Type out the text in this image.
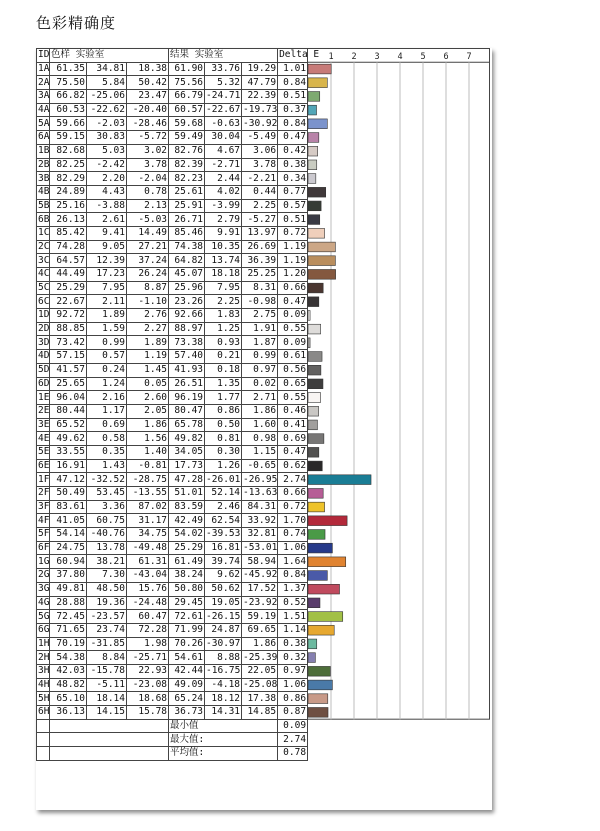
色彩精确度
ID	色样 实验室			结果 实验室			Delta E
1A	61.35	34.81	18.38	61.90	33.76	19.29	1.01
2A	75.50	5.84	50.42	75.56	5.32	47.79	0.84
3A	66.82	-25.06	23.47	66.79	-24.71	22.39	0.51
4A	60.53	-22.62	-20.40	60.57	-22.67	-19.73	0.37
5A	59.66	-2.03	-28.46	59.68	-0.63	-30.92	0.84
6A	59.15	30.83	-5.72	59.49	30.04	-5.49	0.47
1B	82.68	5.03	3.02	82.76	4.67	3.06	0.42
2B	82.25	-2.42	3.78	82.39	-2.71	3.78	0.38
3B	82.29	2.20	-2.04	82.23	2.44	-2.21	0.34
4B	24.89	4.43	0.78	25.61	4.02	0.44	0.77
5B	25.16	-3.88	2.13	25.91	-3.99	2.25	0.57
6B	26.13	2.61	-5.03	26.71	2.79	-5.27	0.51
1C	85.42	9.41	14.49	85.46	9.91	13.97	0.72
2C	74.28	9.05	27.21	74.38	10.35	26.69	1.19
3C	64.57	12.39	37.24	64.82	13.74	36.39	1.19
4C	44.49	17.23	26.24	45.07	18.18	25.25	1.20
5C	25.29	7.95	8.87	25.96	7.95	8.31	0.66
6C	22.67	2.11	-1.10	23.26	2.25	-0.98	0.47
1D	92.72	1.89	2.76	92.66	1.83	2.75	0.09
2D	88.85	1.59	2.27	88.97	1.25	1.91	0.55
3D	73.42	0.99	1.89	73.38	0.93	1.87	0.09
4D	57.15	0.57	1.19	57.40	0.21	0.99	0.61
5D	41.57	0.24	1.45	41.93	0.18	0.97	0.56
6D	25.65	1.24	0.05	26.51	1.35	0.02	0.65
1E	96.04	2.16	2.60	96.19	1.77	2.71	0.55
2E	80.44	1.17	2.05	80.47	0.86	1.86	0.46
3E	65.52	0.69	1.86	65.78	0.50	1.60	0.41
4E	49.62	0.58	1.56	49.82	0.81	0.98	0.69
5E	33.55	0.35	1.40	34.05	0.30	1.15	0.47
6E	16.91	1.43	-0.81	17.73	1.26	-0.65	0.62
1F	47.12	-32.52	-28.75	47.28	-26.01	-26.95	2.74
2F	50.49	53.45	-13.55	51.01	52.14	-13.63	0.66
3F	83.61	3.36	87.02	83.59	2.46	84.31	0.72
4F	41.05	60.75	31.17	42.49	62.54	33.92	1.70
5F	54.14	-40.76	34.75	54.02	-39.53	32.81	0.74
6F	24.75	13.78	-49.48	25.29	16.81	-53.01	1.06
1G	60.94	38.21	61.31	61.49	39.74	58.94	1.64
2G	37.80	7.30	-43.04	38.24	9.62	-45.92	0.84
3G	49.81	48.50	15.76	50.80	50.62	17.52	1.37
4G	28.88	19.36	-24.48	29.45	19.05	-23.92	0.52
5G	72.45	-23.57	60.47	72.61	-26.15	59.19	1.51
6G	71.65	23.74	72.28	71.99	24.87	69.65	1.14
1H	70.19	-31.85	1.98	70.26	-30.97	1.86	0.38
2H	54.38	8.84	-25.71	54.61	8.88	-25.39	0.32
3H	42.03	-15.78	22.93	42.44	-16.75	22.05	0.97
4H	48.82	-5.11	-23.08	49.09	-4.18	-25.08	1.06
5H	65.10	18.14	18.68	65.24	18.12	17.38	0.86
6H	36.13	14.15	15.78	36.73	14.31	14.85	0.87
				最小值			0.09
				最大值:			2.74
				平均值:			0.78
1 2 3 4 5 6 7
